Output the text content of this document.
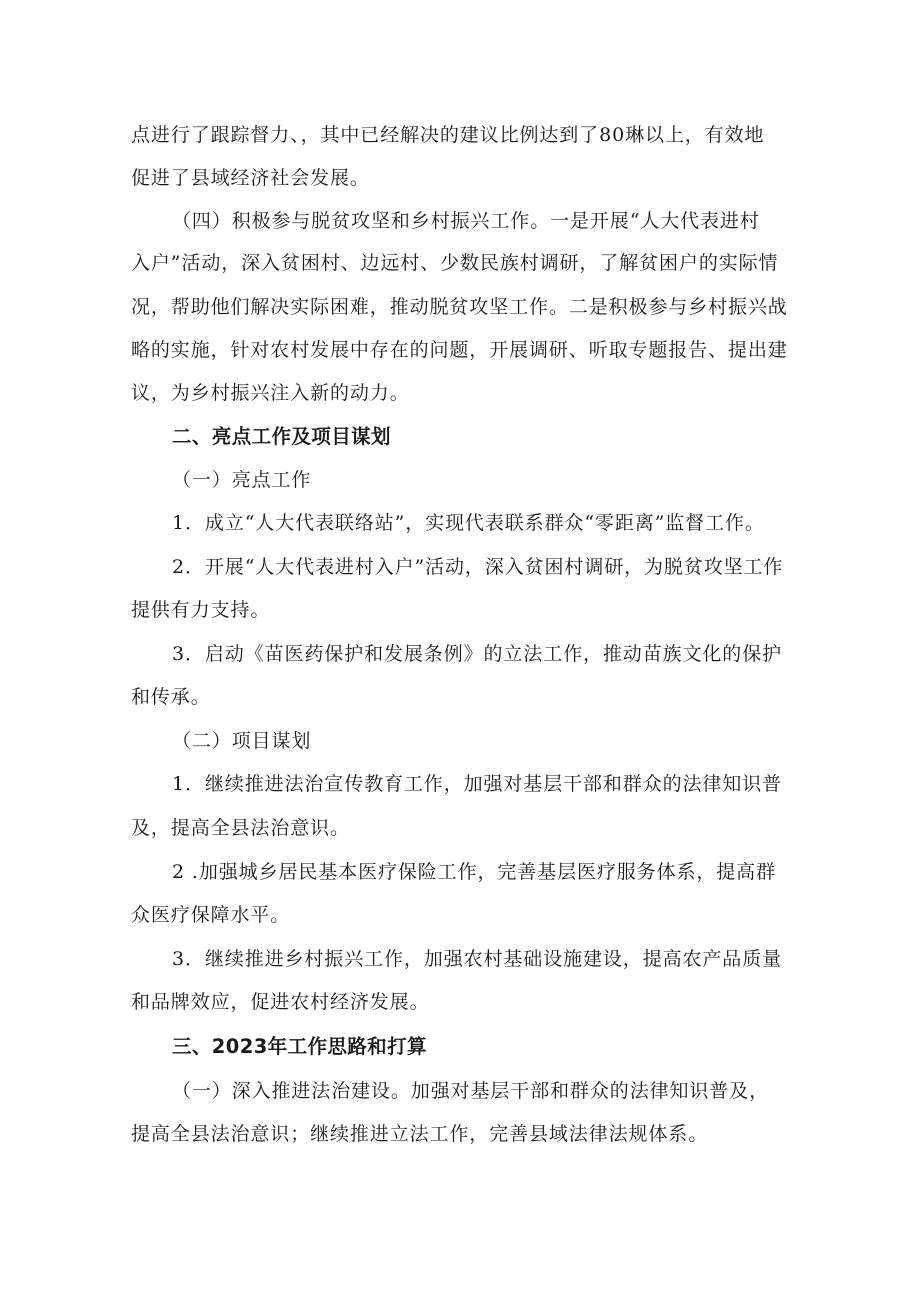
点进行了跟踪督力、，其中已经解决的建议比例达到了80琳以上，有效地
促进了县域经济社会发展。
（四）积极参与脱贫攻坚和乡村振兴工作。一是开展“人大代表进村
入户”活动，深入贫困村、边远村、少数民族村调研，了解贫困户的实际情
况，帮助他们解决实际困难，推动脱贫攻坚工作。二是积极参与乡村振兴战
略的实施，针对农村发展中存在的问题，开展调研、听取专题报告、提出建
议，为乡村振兴注入新的动力。
二、亮点工作及项目谋划
（一）亮点工作
1．成立“人大代表联络站”，实现代表联系群众“零距离”监督工作。
2．开展“人大代表进村入户”活动，深入贫困村调研，为脱贫攻坚工作
提供有力支持。
3．启动《苗医药保护和发展条例》的立法工作，推动苗族文化的保护
和传承。
（二）项目谋划
1．继续推进法治宣传教育工作，加强对基层干部和群众的法律知识普
及，提高全县法治意识。
2 .加强城乡居民基本医疗保险工作，完善基层医疗服务体系，提高群
众医疗保障水平。
3．继续推进乡村振兴工作，加强农村基础设施建设，提高农产品质量
和品牌效应，促进农村经济发展。
三、2023年工作思路和打算
（一）深入推进法治建设。加强对基层干部和群众的法律知识普及，
提高全县法治意识；继续推进立法工作，完善县域法律法规体系。
